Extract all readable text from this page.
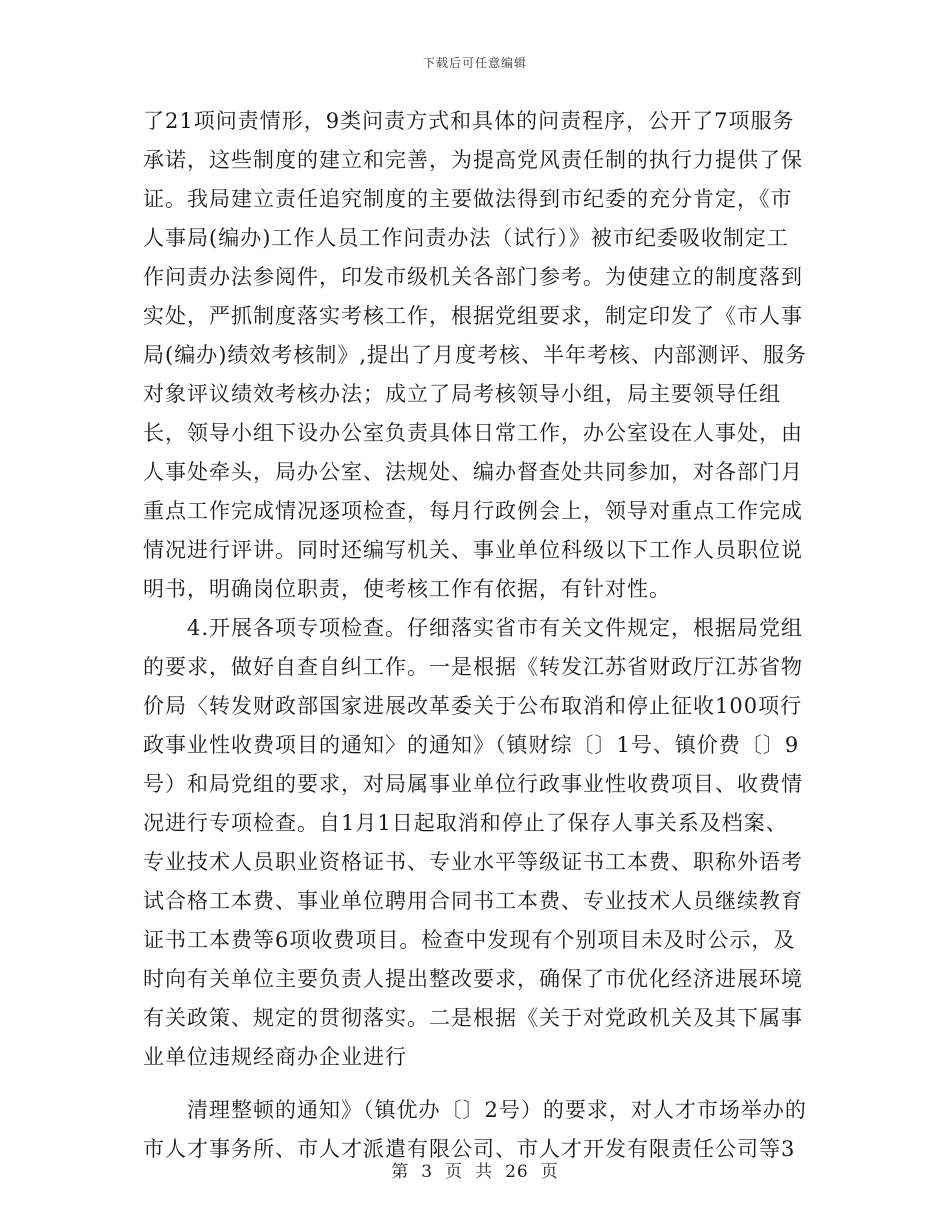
下载后可任意编辑

了21项问责情形，9类问责方式和具体的问责程序，公开了7项服务承诺，这些制度的建立和完善，为提高党风责任制的执行力提供了保证。我局建立责任追究制度的主要做法得到市纪委的充分肯定，《市人事局(编办)工作人员工作问责办法（试行）》被市纪委吸收制定工作问责办法参阅件，印发市级机关各部门参考。为使建立的制度落到实处，严抓制度落实考核工作，根据党组要求，制定印发了《市人事局(编办)绩效考核制》,提出了月度考核、半年考核、内部测评、服务对象评议绩效考核办法；成立了局考核领导小组，局主要领导任组长，领导小组下设办公室负责具体日常工作，办公室设在人事处，由人事处牵头，局办公室、法规处、编办督查处共同参加，对各部门月重点工作完成情况逐项检查，每月行政例会上，领导对重点工作完成情况进行评讲。同时还编写机关、事业单位科级以下工作人员职位说明书，明确岗位职责，使考核工作有依据，有针对性。

4.开展各项专项检查。仔细落实省市有关文件规定，根据局党组的要求，做好自查自纠工作。一是根据《转发江苏省财政厅江苏省物价局〈转发财政部国家进展改革委关于公布取消和停止征收100项行政事业性收费项目的通知〉的通知》（镇财综〔〕1号、镇价费〔〕9号）和局党组的要求，对局属事业单位行政事业性收费项目、收费情况进行专项检查。自1月1日起取消和停止了保存人事关系及档案、专业技术人员职业资格证书、专业水平等级证书工本费、职称外语考试合格工本费、事业单位聘用合同书工本费、专业技术人员继续教育证书工本费等6项收费项目。检查中发现有个别项目未及时公示，及时向有关单位主要负责人提出整改要求，确保了市优化经济进展环境有关政策、规定的贯彻落实。二是根据《关于对党政机关及其下属事业单位违规经商办企业进行

清理整顿的通知》（镇优办〔〕2号）的要求，对人才市场举办的市人才事务所、市人才派遣有限公司、市人才开发有限责任公司等3

第 3 页 共 26 页
